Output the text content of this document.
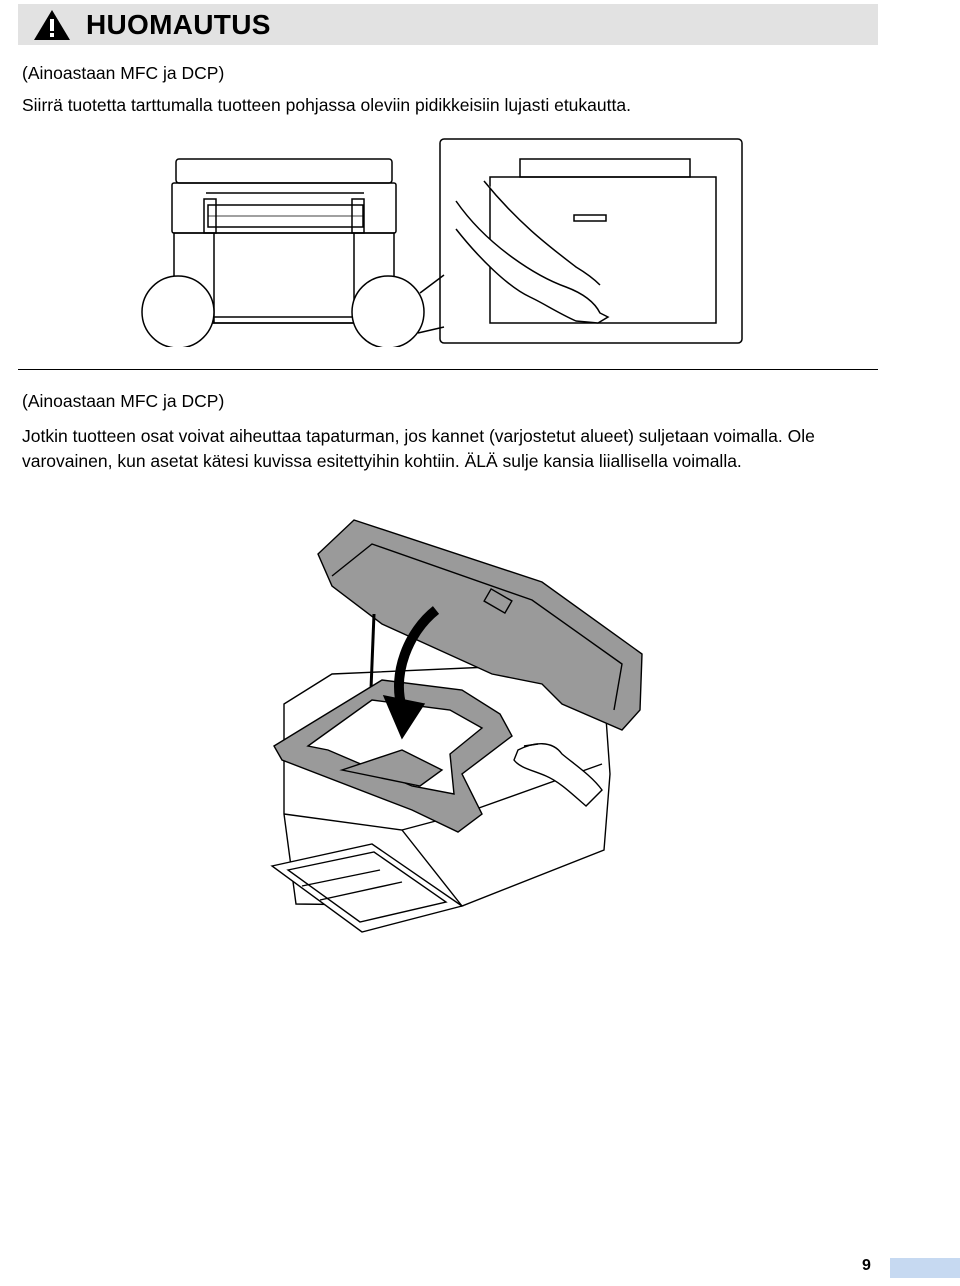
HUOMAUTUS

(Ainoastaan MFC ja DCP)

Siirrä tuotetta tarttumalla tuotteen pohjassa oleviin pidikkeisiin lujasti etukautta.

(Ainoastaan MFC ja DCP)

Jotkin tuotteen osat voivat aiheuttaa tapaturman, jos kannet (varjostetut alueet) suljetaan voimalla. Ole varovainen, kun asetat kätesi kuvissa esitettyihin kohtiin. ÄLÄ sulje kansia liiallisella voimalla.

9
